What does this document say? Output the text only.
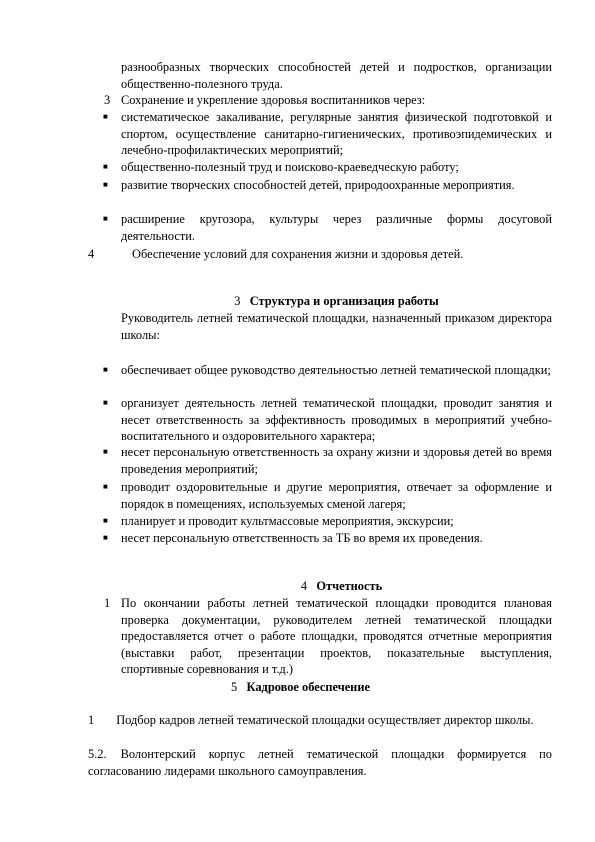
разнообразных творческих способностей детей и подростков, организации общественно-полезного труда.

3 Сохранение и укрепление здоровья воспитанников через:

■ систематическое закаливание, регулярные занятия физической подготовкой и спортом, осуществление санитарно-гигиенических, противоэпидемических и лечебно-профилактических мероприятий;

■ общественно-полезный труд и поисково-краеведческую работу;

■ развитие творческих способностей детей, природоохранные мероприятия.

■ расширение кругозора, культуры через различные формы досуговой деятельности.

4	Обеспечение условий для сохранения жизни и здоровья детей.

3 Структура и организация работы

Руководитель летней тематической площадки, назначенный приказом директора школы:

■ обеспечивает общее руководство деятельностью летней тематической площадки;

■ организует деятельность летней тематической площадки, проводит занятия и несет ответственность за эффективность проводимых в мероприятий учебно-воспитательного и оздоровительного характера;

■ несет персональную ответственность за охрану жизни и здоровья детей во время проведения мероприятий;

■ проводит оздоровительные и другие мероприятия, отвечает за оформление и порядок в помещениях, используемых сменой лагеря;

■ планирует и проводит культмассовые мероприятия, экскурсии;

■ несет персональную ответственность за ТБ во время их проведения.

4 Отчетность
1 По окончании работы летней тематической площадки проводится плановая проверка документации, руководителем летней тематической площадки предоставляется отчет о работе площадки, проводятся отчетные мероприятия (выставки работ, презентации проектов, показательные выступления, спортивные соревнования и т.д.)

5 Кадровое обеспечение

1 Подбор кадров летней тематической площадки осуществляет директор школы.

5.2. Волонтерский корпус летней тематической площадки формируется по согласованию лидерами школьного самоуправления.
